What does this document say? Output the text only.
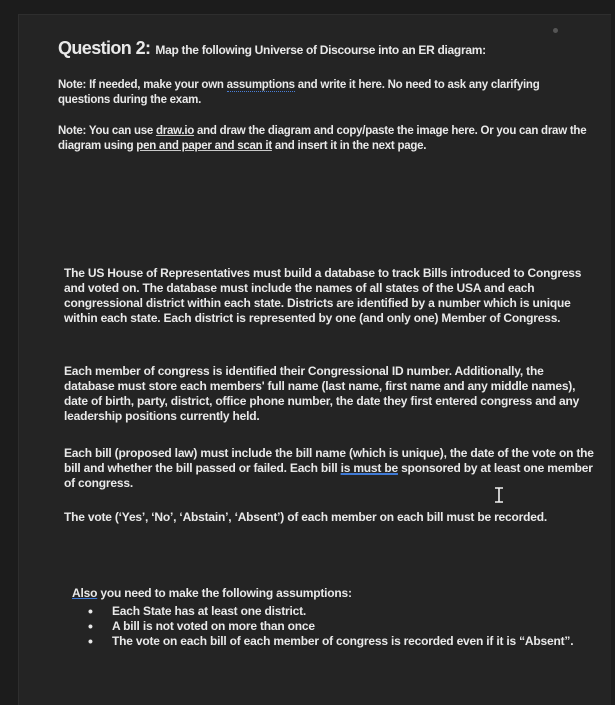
Question 2: Map the following Universe of Discourse into an ER diagram:
Note: If needed, make your own assumptions and write it here. No need to ask any clarifying questions during the exam.
Note: You can use draw.io and draw the diagram and copy/paste the image here. Or you can draw the diagram using pen and paper and scan it and insert it in the next page.
The US House of Representatives must build a database to track Bills introduced to Congress and voted on. The database must include the names of all states of the USA and each congressional district within each state. Districts are identified by a number which is unique within each state. Each district is represented by one (and only one) Member of Congress.
Each member of congress is identified their Congressional ID number. Additionally, the database must store each members' full name (last name, first name and any middle names), date of birth, party, district, office phone number, the date they first entered congress and any leadership positions currently held.
Each bill (proposed law) must include the bill name (which is unique), the date of the vote on the bill and whether the bill passed or failed. Each bill is must be sponsored by at least one member of congress.
The vote (‘Yes’, ‘No’, ‘Abstain’, ‘Absent’) of each member on each bill must be recorded.
Also you need to make the following assumptions:
• Each State has at least one district.
• A bill is not voted on more than once
• The vote on each bill of each member of congress is recorded even if it is “Absent”.
